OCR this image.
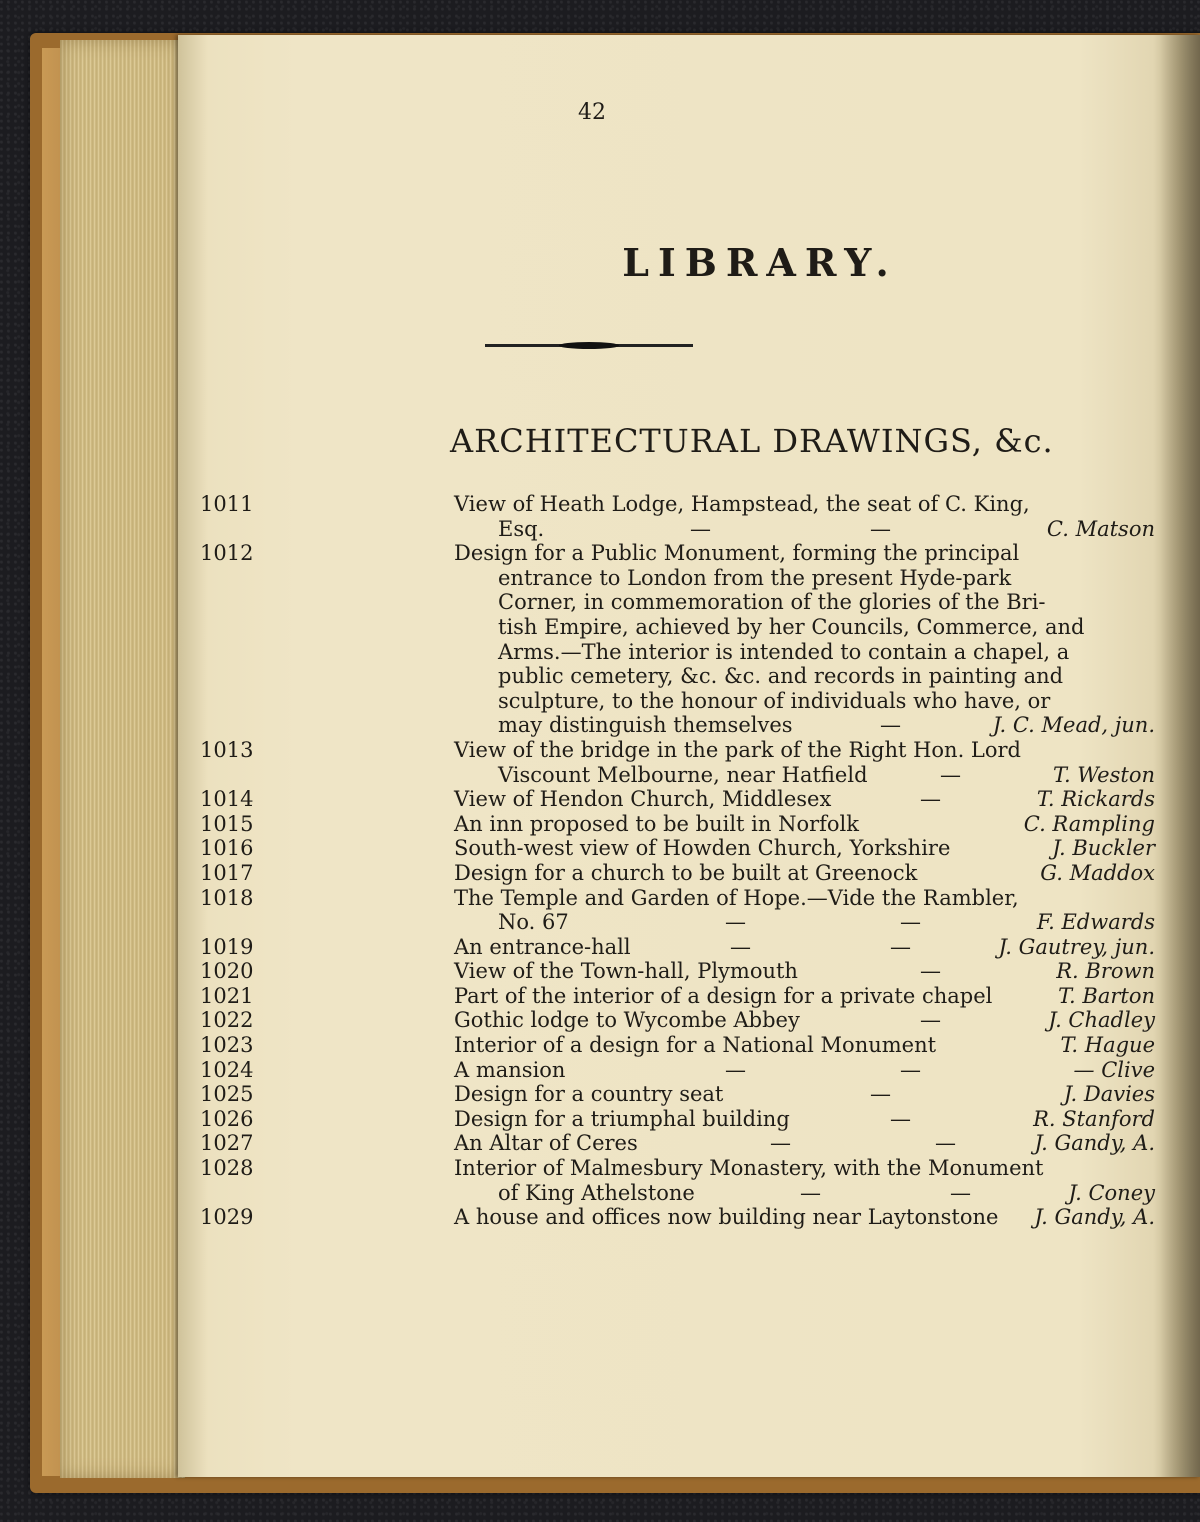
42
LIBRARY.
ARCHITECTURAL DRAWINGS, &c.
1011	View of Heath Lodge, Hampstead, the seat of C. King,
Esq.	—	—	C. Matson
1012	Design for a Public Monument, forming the principal
entrance to London from the present Hyde-park
Corner, in commemoration of the glories of the Bri-
tish Empire, achieved by her Councils, Commerce, and
Arms.—The interior is intended to contain a chapel, a
public cemetery, &c. &c. and records in painting and
sculpture, to the honour of individuals who have, or
may distinguish themselves	—	J. C. Mead, jun.
1013	View of the bridge in the park of the Right Hon. Lord
Viscount Melbourne, near Hatfield	—	T. Weston
1014	View of Hendon Church, Middlesex	—	T. Rickards
1015	An inn proposed to be built in Norfolk	C. Rampling
1016	South-west view of Howden Church, Yorkshire	J. Buckler
1017	Design for a church to be built at Greenock	G. Maddox
1018	The Temple and Garden of Hope.—Vide the Rambler,
No. 67	—	—	F. Edwards
1019	An entrance-hall	—	—	J. Gautrey, jun.
1020	View of the Town-hall, Plymouth	—	R. Brown
1021	Part of the interior of a design for a private chapel	T. Barton
1022	Gothic lodge to Wycombe Abbey	—	J. Chadley
1023	Interior of a design for a National Monument	T. Hague
1024	A mansion	—	—	— Clive
1025	Design for a country seat	—	J. Davies
1026	Design for a triumphal building	—	R. Stanford
1027	An Altar of Ceres	—	—	J. Gandy, A.
1028	Interior of Malmesbury Monastery, with the Monument
of King Athelstone	—	—	J. Coney
1029	A house and offices now building near Laytonstone J. Gandy, A.
